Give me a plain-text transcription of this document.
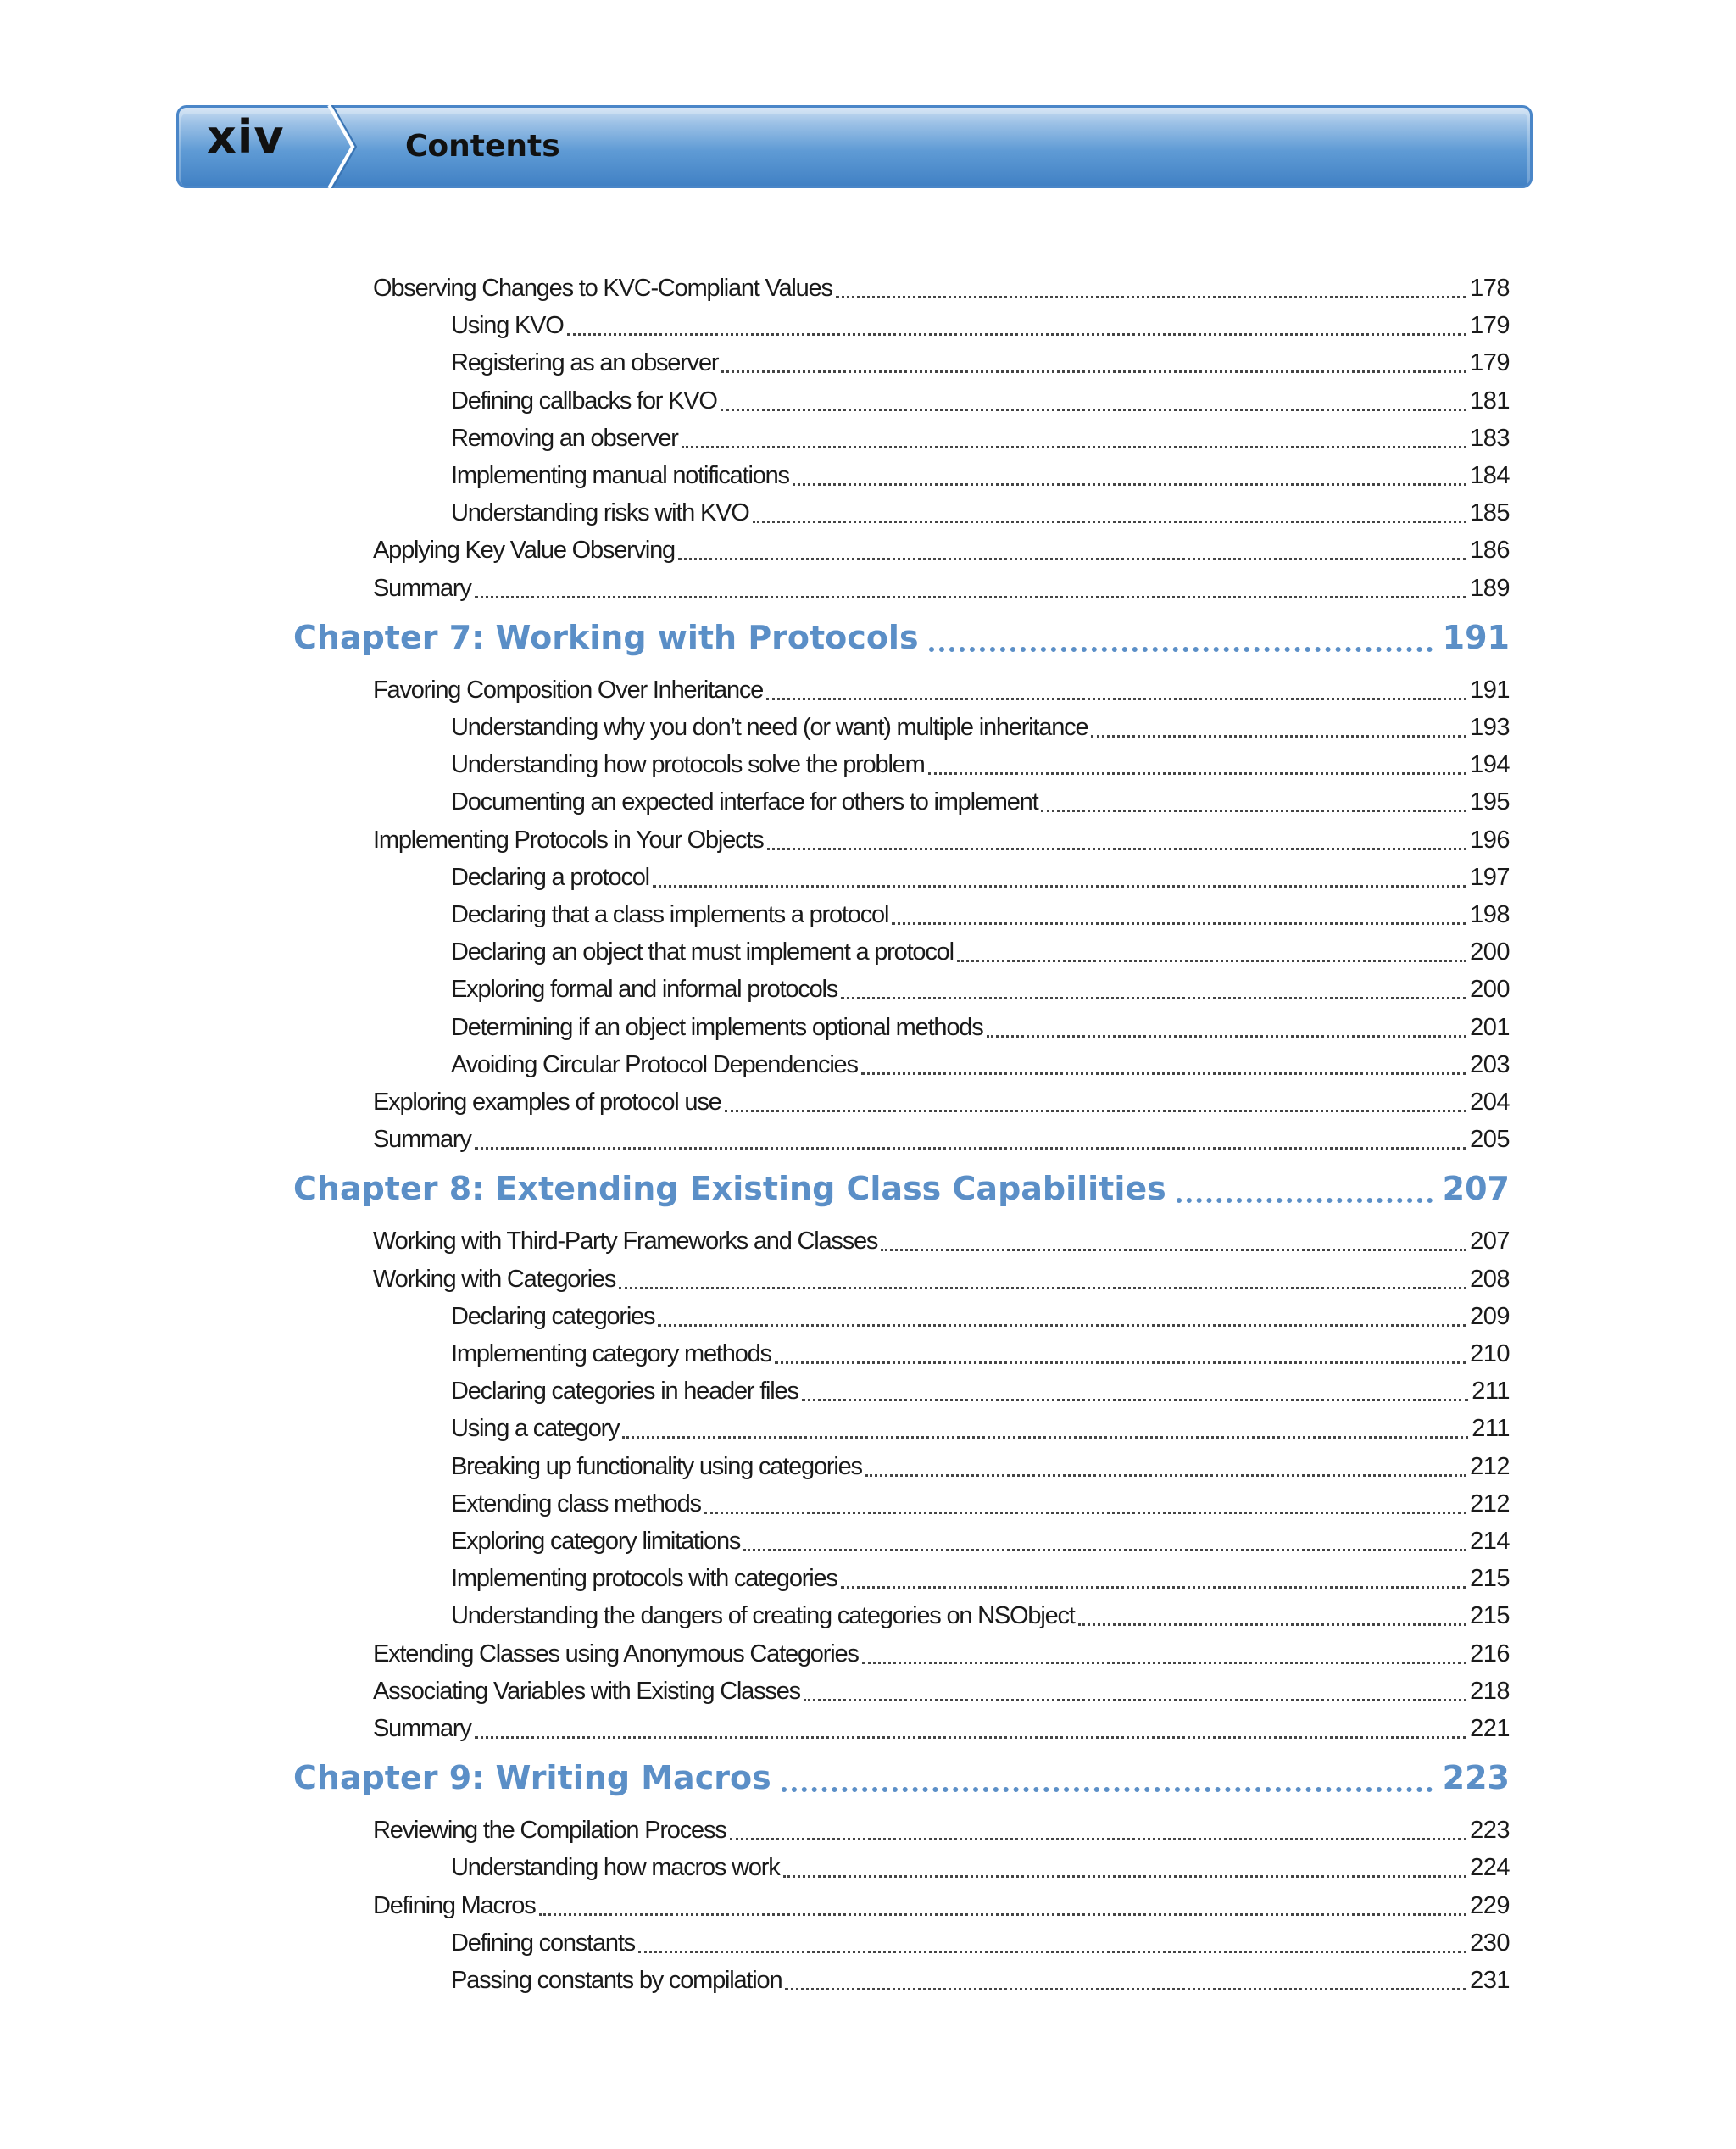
xiv	Contents
Observing Changes to KVC-Compliant Values	178
Using KVO	179
Registering as an observer	179
Defining callbacks for KVO	181
Removing an observer	183
Implementing manual notifications	184
Understanding risks with KVO	185
Applying Key Value Observing	186
Summary	189
Chapter 7: Working with Protocols	191
Favoring Composition Over Inheritance	191
Understanding why you don’t need (or want) multiple inheritance	193
Understanding how protocols solve the problem	194
Documenting an expected interface for others to implement	195
Implementing Protocols in Your Objects	196
Declaring a protocol	197
Declaring that a class implements a protocol	198
Declaring an object that must implement a protocol	200
Exploring formal and informal protocols	200
Determining if an object implements optional methods	201
Avoiding Circular Protocol Dependencies	203
Exploring examples of protocol use	204
Summary	205
Chapter 8: Extending Existing Class Capabilities	207
Working with Third-Party Frameworks and Classes	207
Working with Categories	208
Declaring categories	209
Implementing category methods	210
Declaring categories in header files	211
Using a category	211
Breaking up functionality using categories	212
Extending class methods	212
Exploring category limitations	214
Implementing protocols with categories	215
Understanding the dangers of creating categories on NSObject	215
Extending Classes using Anonymous Categories	216
Associating Variables with Existing Classes	218
Summary	221
Chapter 9: Writing Macros	223
Reviewing the Compilation Process	223
Understanding how macros work	224
Defining Macros	229
Defining constants	230
Passing constants by compilation	231
